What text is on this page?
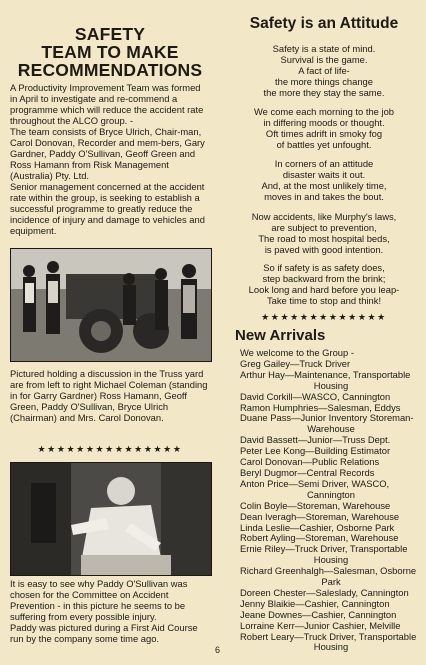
SAFETY
TEAM TO MAKE
RECOMMENDATIONS

A Productivity Improvement Team was formed in April to investigate and re-commend a programme which will reduce the accident rate throughout the ALCO group. -

The team consists of Bryce Ulrich, Chair-man, Carol Donovan, Recorder and mem-bers, Gary Gardner, Paddy O'Sullivan, Geoff Green and Ross Hamann from Risk Management (Australia) Pty. Ltd.

Senior management concerned at the accident rate within the group, is seeking to establish a successful programme to greatly reduce the incidence of injury and damage to vehicles and equipment.

Pictured holding a discussion in the Truss yard are from left to right Michael Coleman (standing in for Garry Gardner) Ross Hamann, Geoff Green, Paddy O'Sullivan, Bryce Ulrich (Chairman) and Mrs. Carol Donovan.

★★★★★★★★★★★★★★★

It is easy to see why Paddy O'Sullivan was chosen for the Committee on Accident Prevention - in this picture he seems to be suffering from every possible injury.

Paddy was pictured during a First Aid Course run by the company some time ago.

Safety is an Attitude

Safety is a state of mind.

Survival is the game.

A fact of life-

the more things change

the more they stay the same.

We come each morning to the job

in differing moods or thought.

Oft times adrift in smoky fog

of battles yet unfought.

In corners of an attitude

disaster waits it out.

And, at the most unlikely time,

moves in and takes the bout.

Now accidents, like Murphy's laws,

are subject to prevention,

The road to most hospital beds,

is paved with good intention.

So if safety is as safety does,

step backward from the brink;

Look long and hard before you leap-

Take time to stop and think!

★★★★★★★★★★★★★
New Arrivals
We welcome to the Group -
Greg Gailey—Truck Driver
Arthur Hay—Maintenance, Transportable
Housing
David Corkill—WASCO, Cannington
Ramon Humphries—Salesman, Eddys
Duane Pass—Junior Inventory Storeman-
Warehouse
David Bassett—Junior—Truss Dept.
Peter Lee Kong—Building Estimator
Carol Donovan—Public Relations
Beryl Dugmor—Central Records
Anton Price—Semi Driver, WASCO,
Cannington
Colin Boyle—Storeman, Warehouse
Dean Iveragh—Storeman, Warehouse
Linda Leslie—Cashier, Osborne Park
Robert Ayling—Storeman, Warehouse
Ernie Riley—Truck Driver, Transportable
Housing
Richard Greenhalgh—Salesman, Osborne
Park
Doreen Chester—Saleslady, Cannington
Jenny Blaikie—Cashier, Cannington
Jeane Downes—Cashier, Cannington
Lorraine Kerr—Junior Cashier, Melville
Robert Leary—Truck Driver, Transportable
Housing
6
